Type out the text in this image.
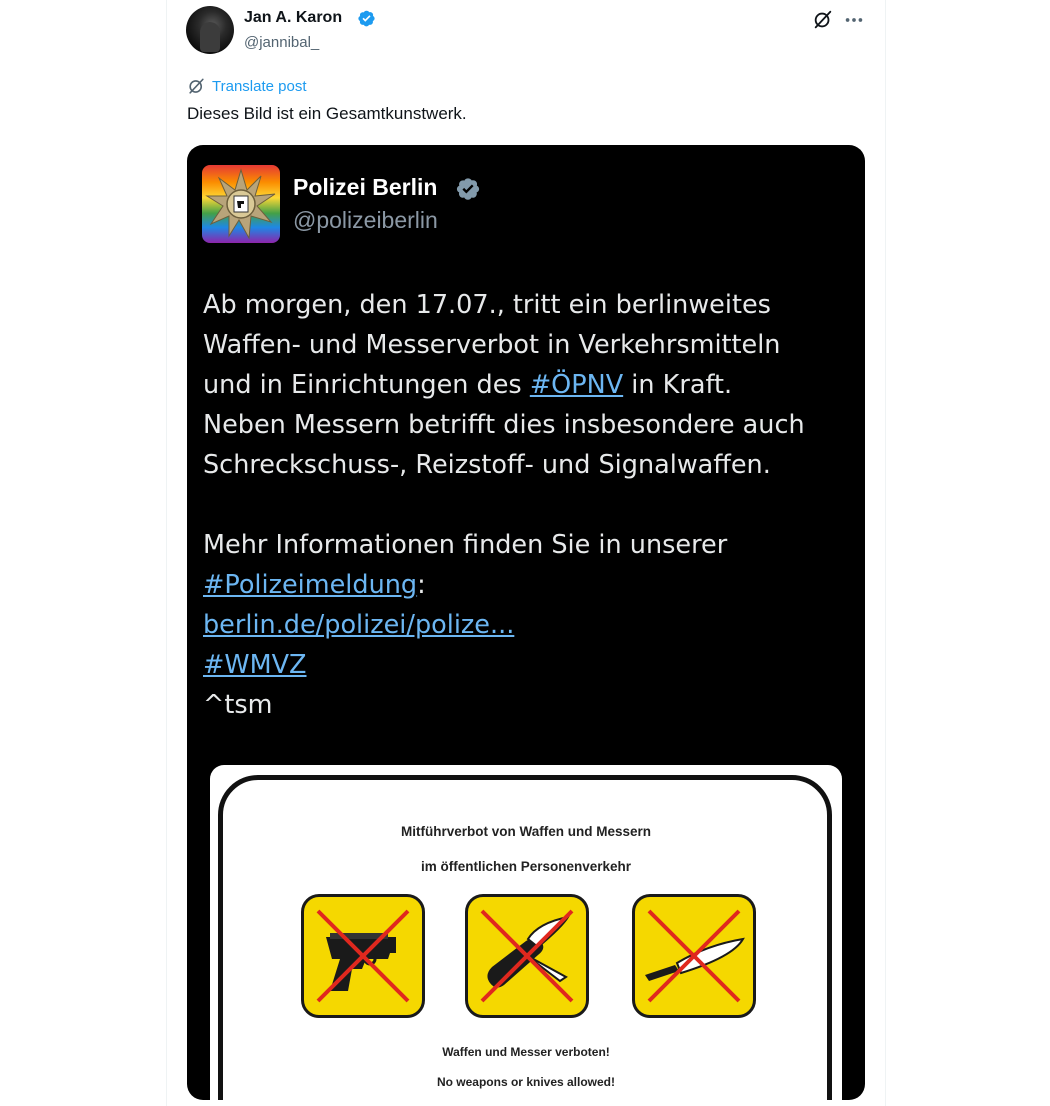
Jan A. Karon
@jannibal_
Translate post
Dieses Bild ist ein Gesamtkunstwerk.
Polizei Berlin
@polizeiberlin
Ab morgen, den 17.07., tritt ein berlinweites
Waffen- und Messerverbot in Verkehrsmitteln
und in Einrichtungen des #ÖPNV in Kraft.
Neben Messern betrifft dies insbesondere auch
Schreckschuss-, Reizstoff- und Signalwaffen.
Mehr Informationen finden Sie in unserer
#Polizeimeldung:
berlin.de/polizei/polize...
#WMVZ
^tsm
Mitführverbot von Waffen und Messern
im öffentlichen Personenverkehr
Waffen und Messer verboten!
No weapons or knives allowed!
